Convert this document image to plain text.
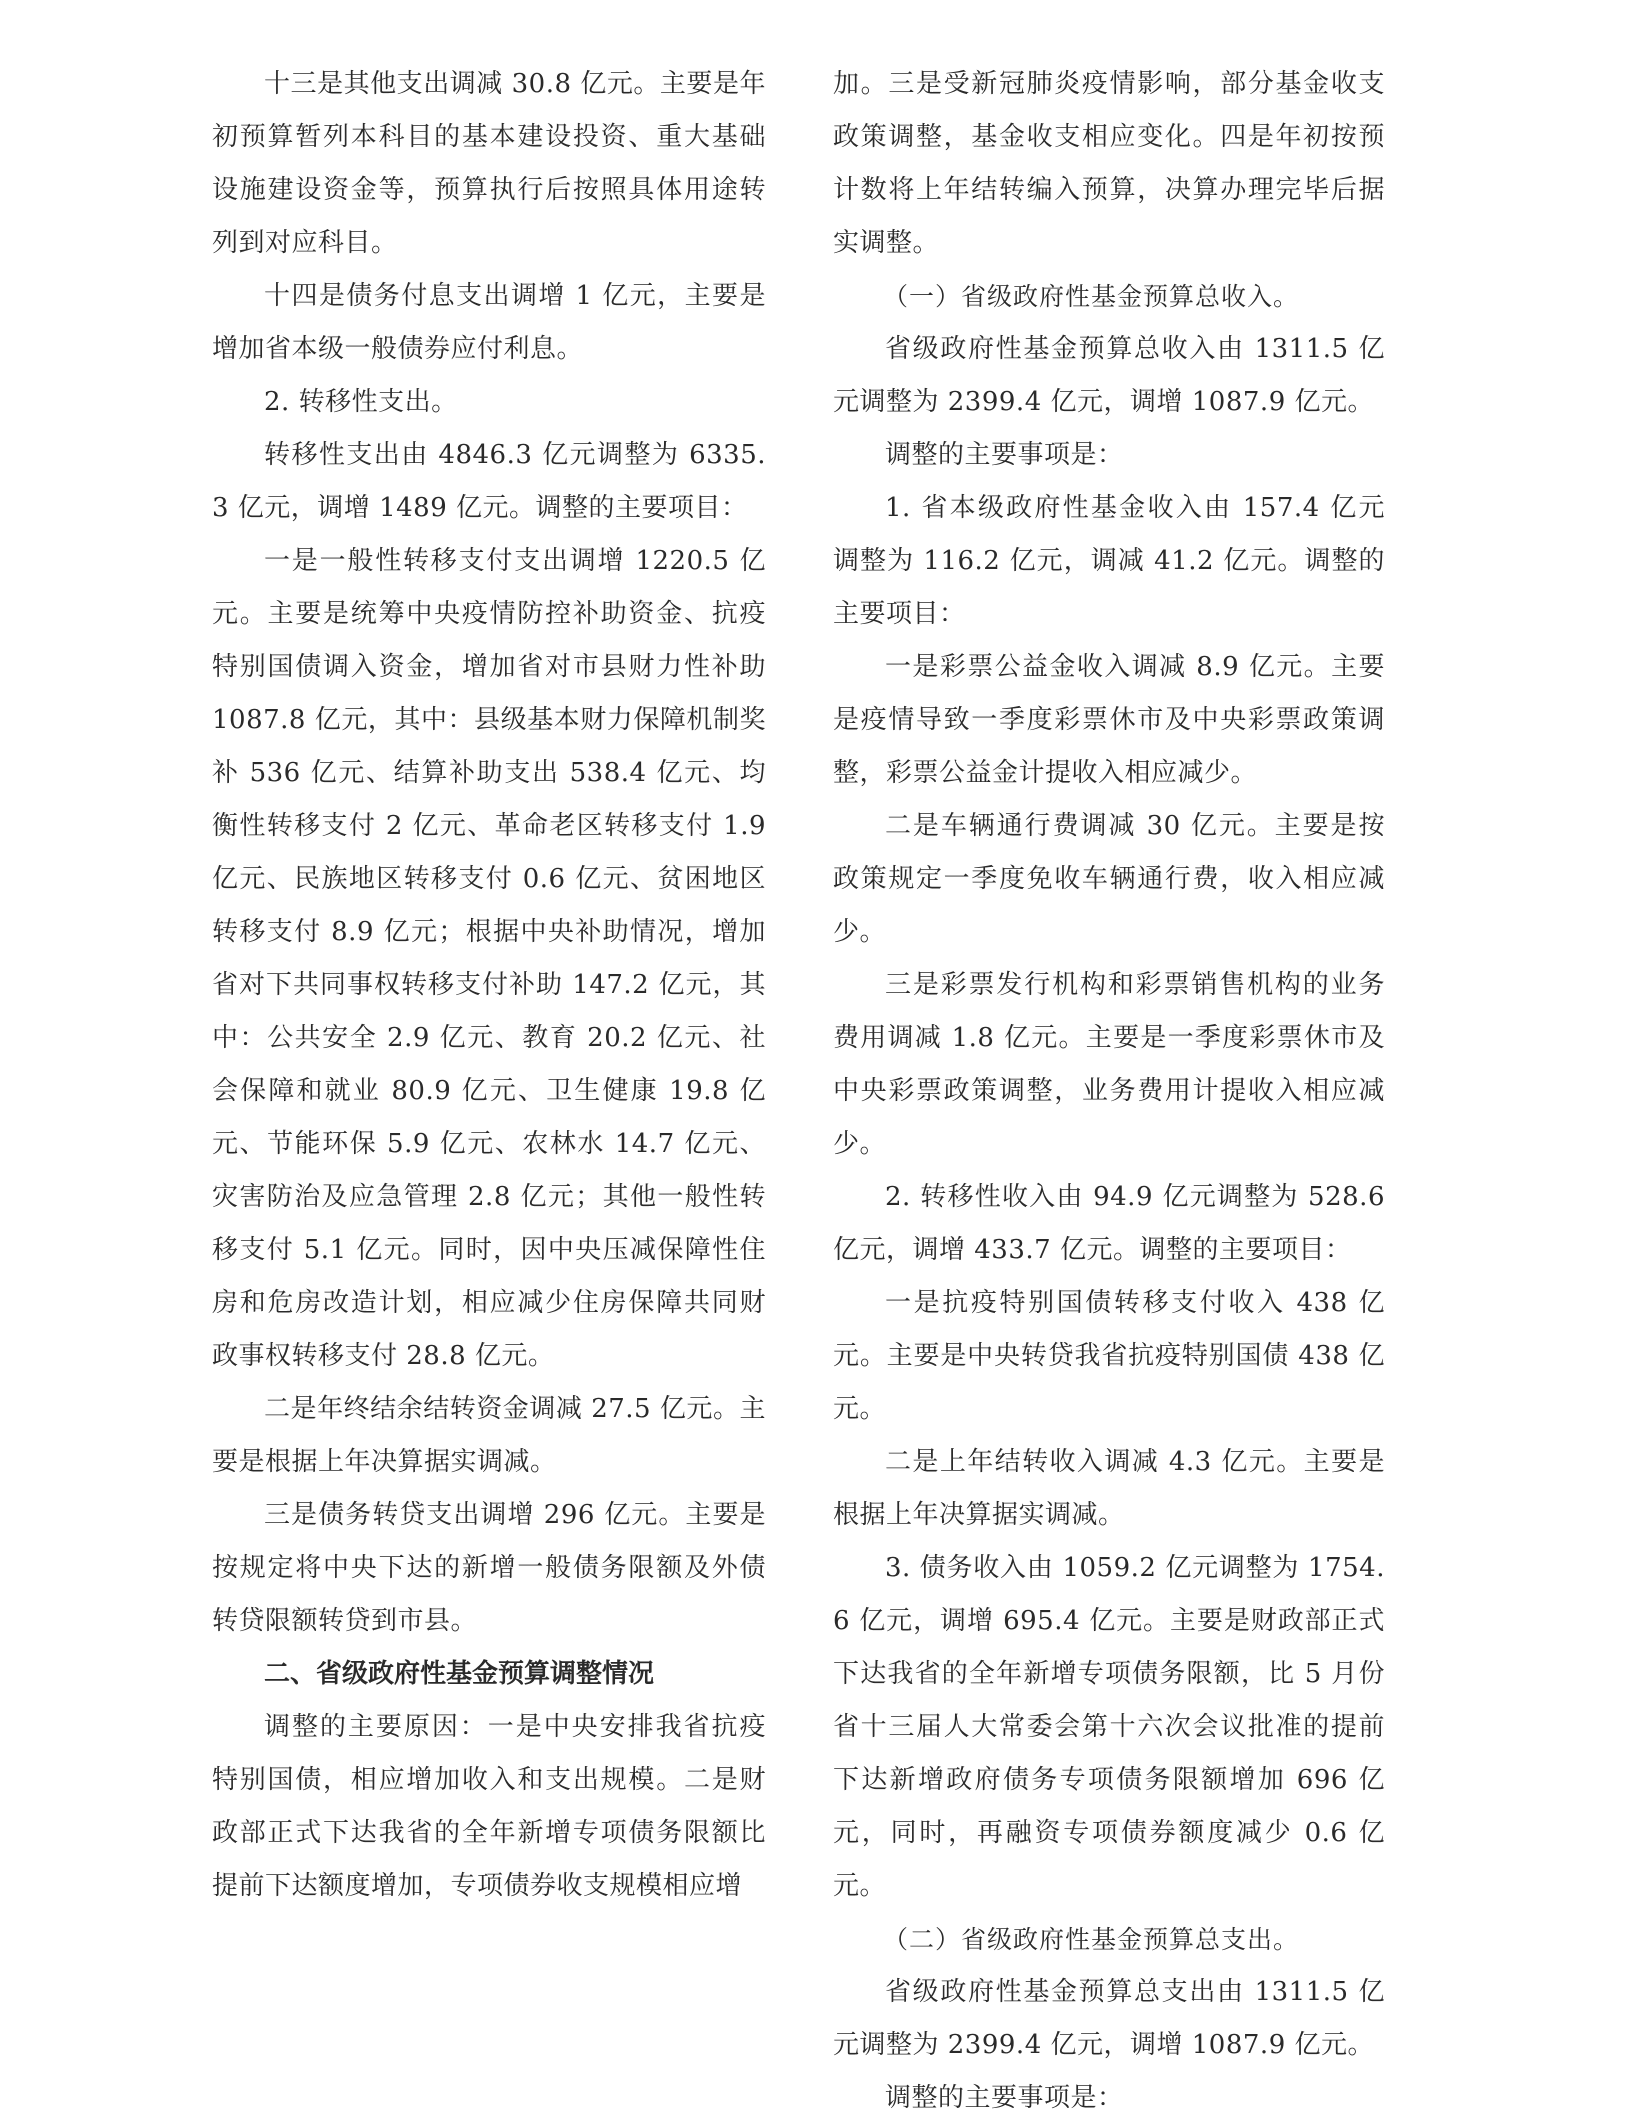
十三是其他支出调减 30.8 亿元。主要是年初预算暂列本科目的基本建设投资、重大基础设施建设资金等，预算执行后按照具体用途转列到对应科目。

十四是债务付息支出调增 1 亿元，主要是增加省本级一般债券应付利息。

2. 转移性支出。

转移性支出由 4846.3 亿元调整为 6335.3 亿元，调增 1489 亿元。调整的主要项目：

一是一般性转移支付支出调增 1220.5 亿元。主要是统筹中央疫情防控补助资金、抗疫特别国债调入资金，增加省对市县财力性补助 1087.8 亿元，其中：县级基本财力保障机制奖补 536 亿元、结算补助支出 538.4 亿元、均衡性转移支付 2 亿元、革命老区转移支付 1.9 亿元、民族地区转移支付 0.6 亿元、贫困地区转移支付 8.9 亿元；根据中央补助情况，增加省对下共同事权转移支付补助 147.2 亿元，其中：公共安全 2.9 亿元、教育 20.2 亿元、社会保障和就业 80.9 亿元、卫生健康 19.8 亿元、节能环保 5.9 亿元、农林水 14.7 亿元、灾害防治及应急管理 2.8 亿元；其他一般性转移支付 5.1 亿元。同时，因中央压减保障性住房和危房改造计划，相应减少住房保障共同财政事权转移支付 28.8 亿元。

二是年终结余结转资金调减 27.5 亿元。主要是根据上年决算据实调减。

三是债务转贷支出调增 296 亿元。主要是按规定将中央下达的新增一般债务限额及外债转贷限额转贷到市县。

二、省级政府性基金预算调整情况

调整的主要原因：一是中央安排我省抗疫特别国债，相应增加收入和支出规模。二是财政部正式下达我省的全年新增专项债务限额比提前下达额度增加，专项债券收支规模相应增

加。三是受新冠肺炎疫情影响，部分基金收支政策调整，基金收支相应变化。四是年初按预计数将上年结转编入预算，决算办理完毕后据实调整。

（一）省级政府性基金预算总收入。

省级政府性基金预算总收入由 1311.5 亿元调整为 2399.4 亿元，调增 1087.9 亿元。

调整的主要事项是：

1. 省本级政府性基金收入由 157.4 亿元调整为 116.2 亿元，调减 41.2 亿元。调整的主要项目：

一是彩票公益金收入调减 8.9 亿元。主要是疫情导致一季度彩票休市及中央彩票政策调整，彩票公益金计提收入相应减少。

二是车辆通行费调减 30 亿元。主要是按政策规定一季度免收车辆通行费，收入相应减少。

三是彩票发行机构和彩票销售机构的业务费用调减 1.8 亿元。主要是一季度彩票休市及中央彩票政策调整，业务费用计提收入相应减少。

2. 转移性收入由 94.9 亿元调整为 528.6 亿元，调增 433.7 亿元。调整的主要项目：

一是抗疫特别国债转移支付收入 438 亿元。主要是中央转贷我省抗疫特别国债 438 亿元。

二是上年结转收入调减 4.3 亿元。主要是根据上年决算据实调减。

3. 债务收入由 1059.2 亿元调整为 1754.6 亿元，调增 695.4 亿元。主要是财政部正式下达我省的全年新增专项债务限额，比 5 月份省十三届人大常委会第十六次会议批准的提前下达新增政府债务专项债务限额增加 696 亿元，同时，再融资专项债券额度减少 0.6 亿元。

（二）省级政府性基金预算总支出。

省级政府性基金预算总支出由 1311.5 亿元调整为 2399.4 亿元，调增 1087.9 亿元。

调整的主要事项是：
